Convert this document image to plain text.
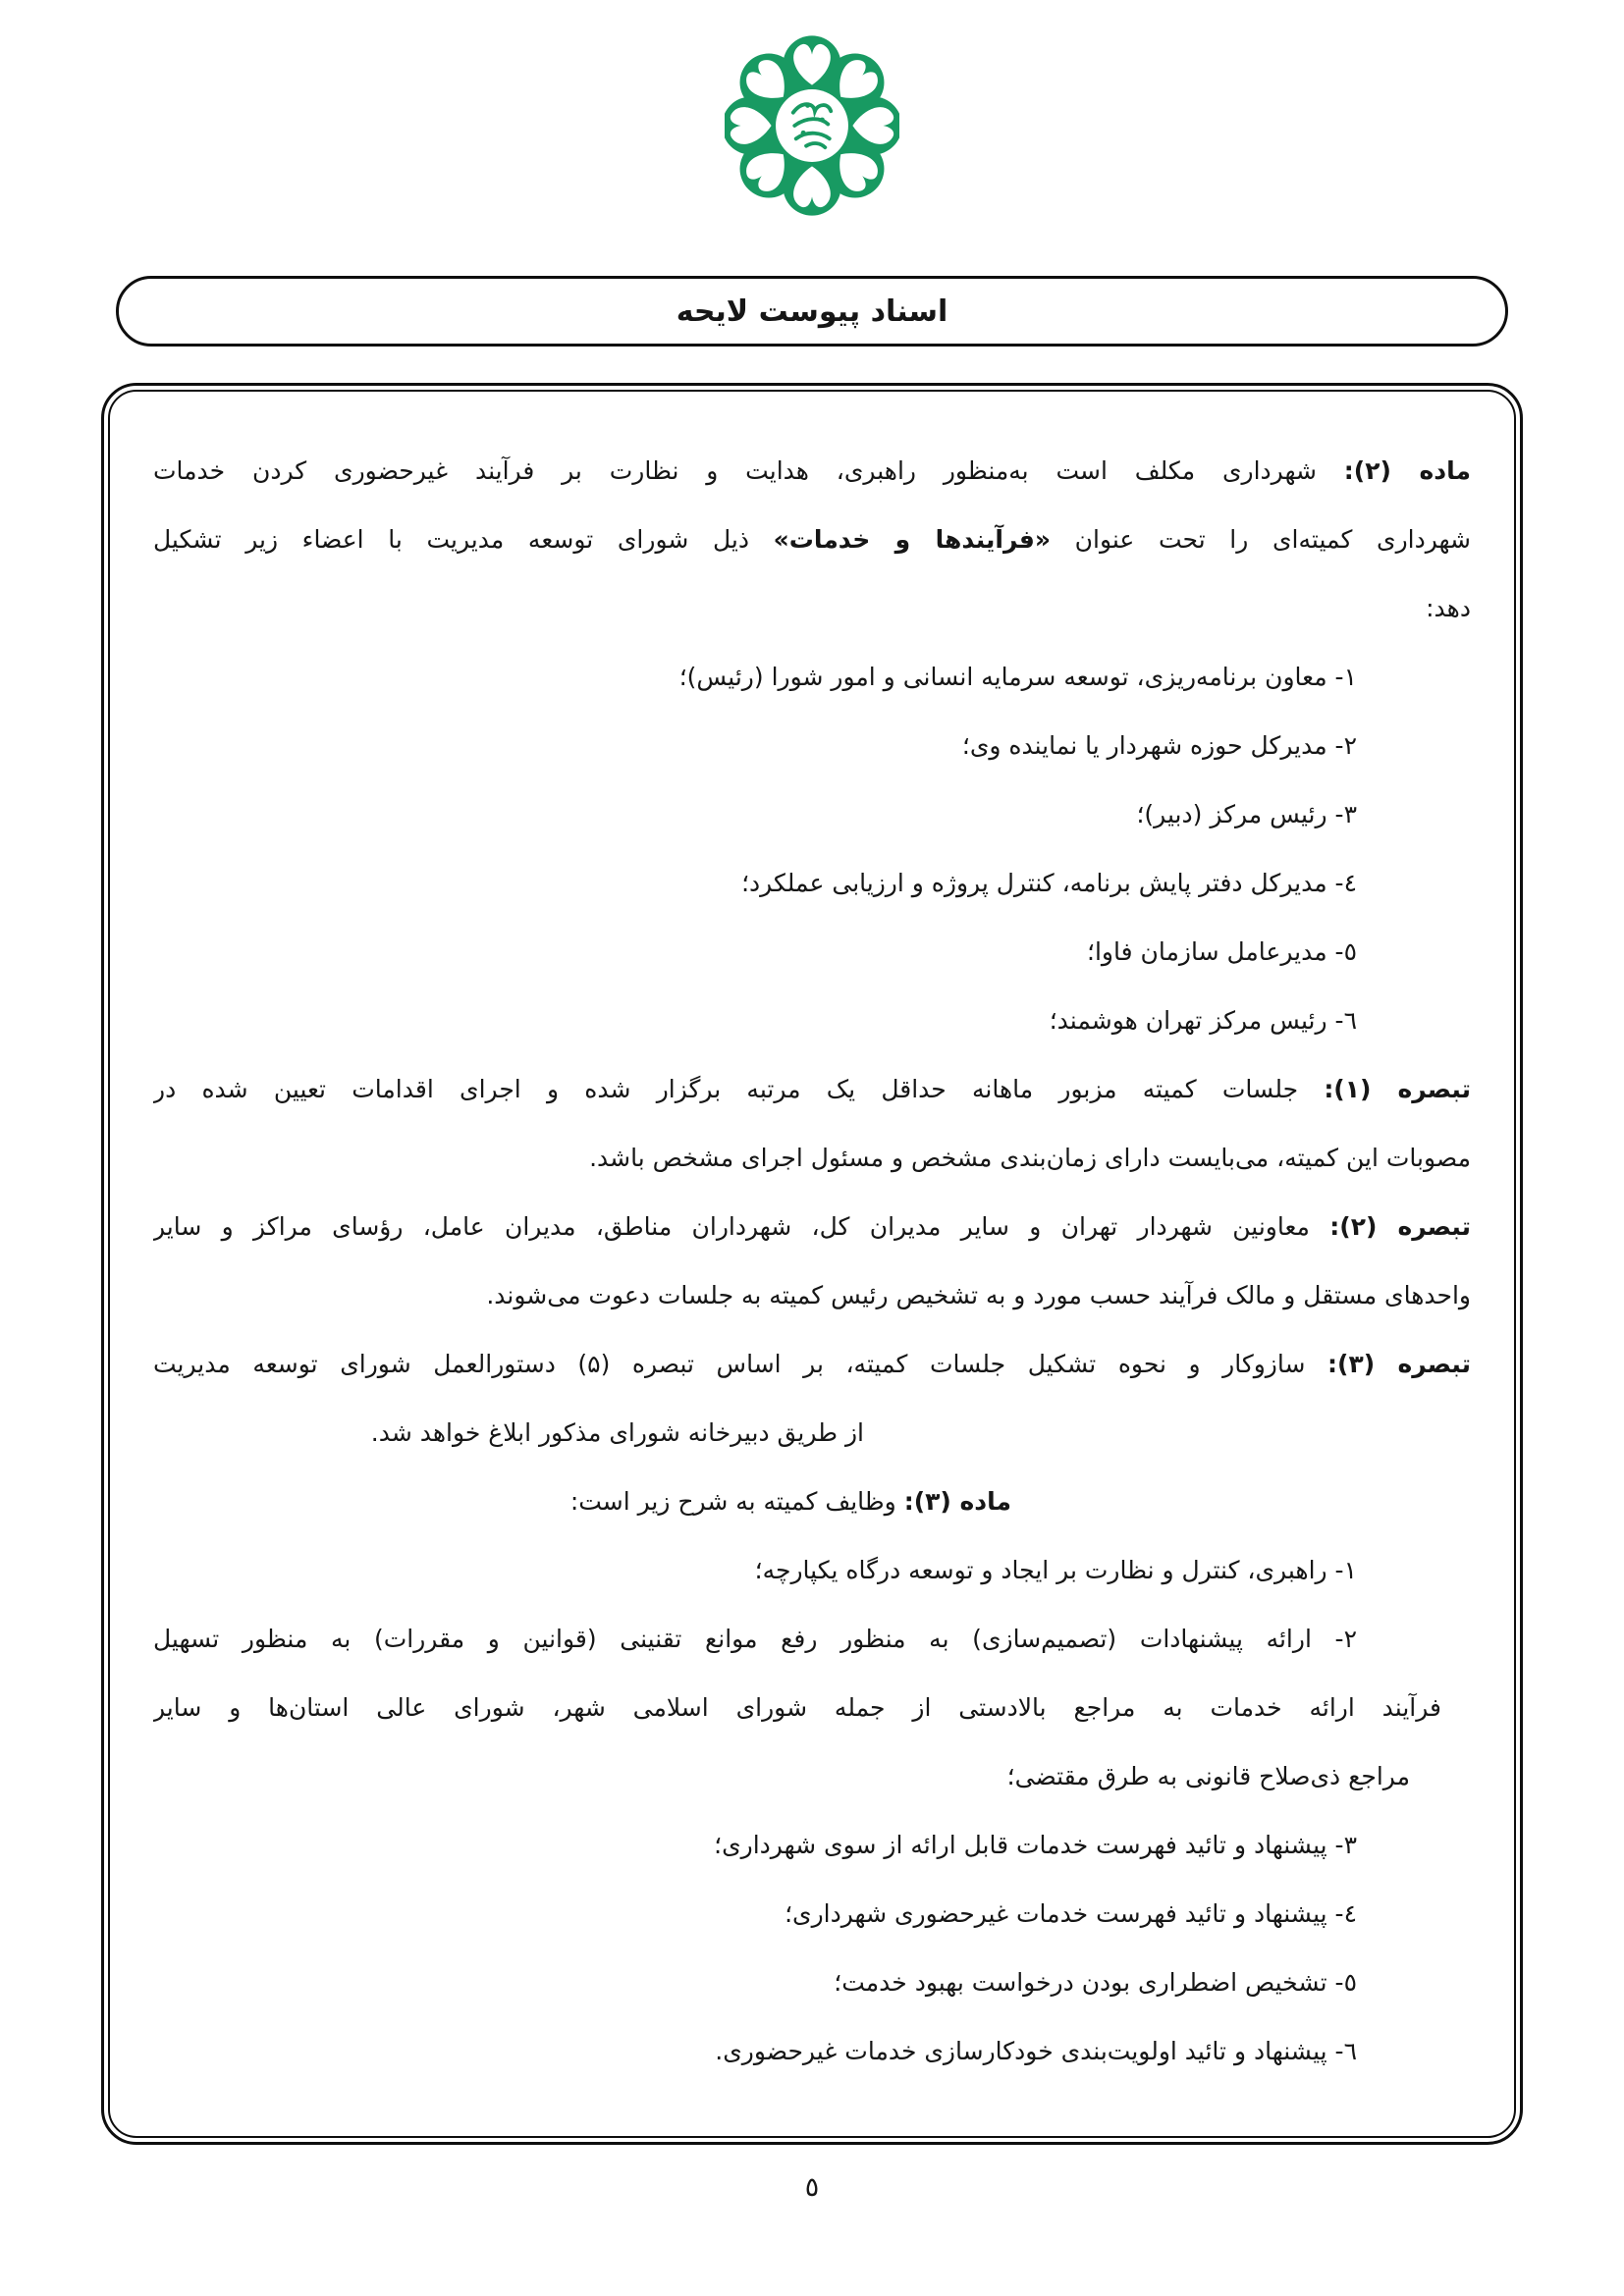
اسناد پیوست لایحه
ماده (۲): شهرداری مکلف است به‌منظور راهبری، هدایت و نظارت بر فرآیند غیرحضوری کردن خدمات
شهرداری کمیته‌ای را تحت عنوان «فرآیندها و خدمات» ذیل شورای توسعه مدیریت با اعضاء زیر تشکیل
دهد:
۱- معاون برنامه‌ریزی، توسعه سرمایه انسانی و امور شورا (رئیس)؛
۲- مدیرکل حوزه شهردار یا نماینده وی؛
۳- رئیس مرکز (دبیر)؛
٤- مدیرکل دفتر پایش برنامه، کنترل پروژه و ارزیابی عملکرد؛
٥- مدیرعامل سازمان فاوا؛
٦- رئیس مرکز تهران هوشمند؛
تبصره (۱): جلسات کمیته مزبور ماهانه حداقل یک مرتبه برگزار شده و اجرای اقدامات تعیین شده در
مصوبات این کمیته، می‌بایست دارای زمان‌بندی مشخص و مسئول اجرای مشخص باشد.
تبصره (۲): معاونین شهردار تهران و سایر مدیران کل، شهرداران مناطق، مدیران عامل، رؤسای مراکز و سایر
واحدهای مستقل و مالک فرآیند حسب مورد و به تشخیص رئیس کمیته به جلسات دعوت می‌شوند.
تبصره (۳): سازوکار و نحوه تشکیل جلسات کمیته، بر اساس تبصره (۵) دستورالعمل شورای توسعه مدیریت
از طریق دبیرخانه شورای مذکور ابلاغ خواهد شد.
ماده (۳): وظایف کمیته به شرح زیر است:
۱- راهبری، کنترل و نظارت بر ایجاد و توسعه درگاه یکپارچه؛
۲- ارائه پیشنهادات (تصمیم‌سازی) به منظور رفع موانع تقنینی (قوانین و مقررات) به منظور تسهیل
فرآیند ارائه خدمات به مراجع بالادستی از جمله شورای اسلامی شهر، شورای عالی استان‌ها و سایر
مراجع ذی‌صلاح قانونی به طرق مقتضی؛
۳- پیشنهاد و تائید فهرست خدمات قابل ارائه از سوی شهرداری؛
٤- پیشنهاد و تائید فهرست خدمات غیرحضوری شهرداری؛
٥- تشخیص اضطراری بودن درخواست بهبود خدمت؛
٦- پیشنهاد و تائید اولویت‌بندی خودکارسازی خدمات غیرحضوری.
٥
